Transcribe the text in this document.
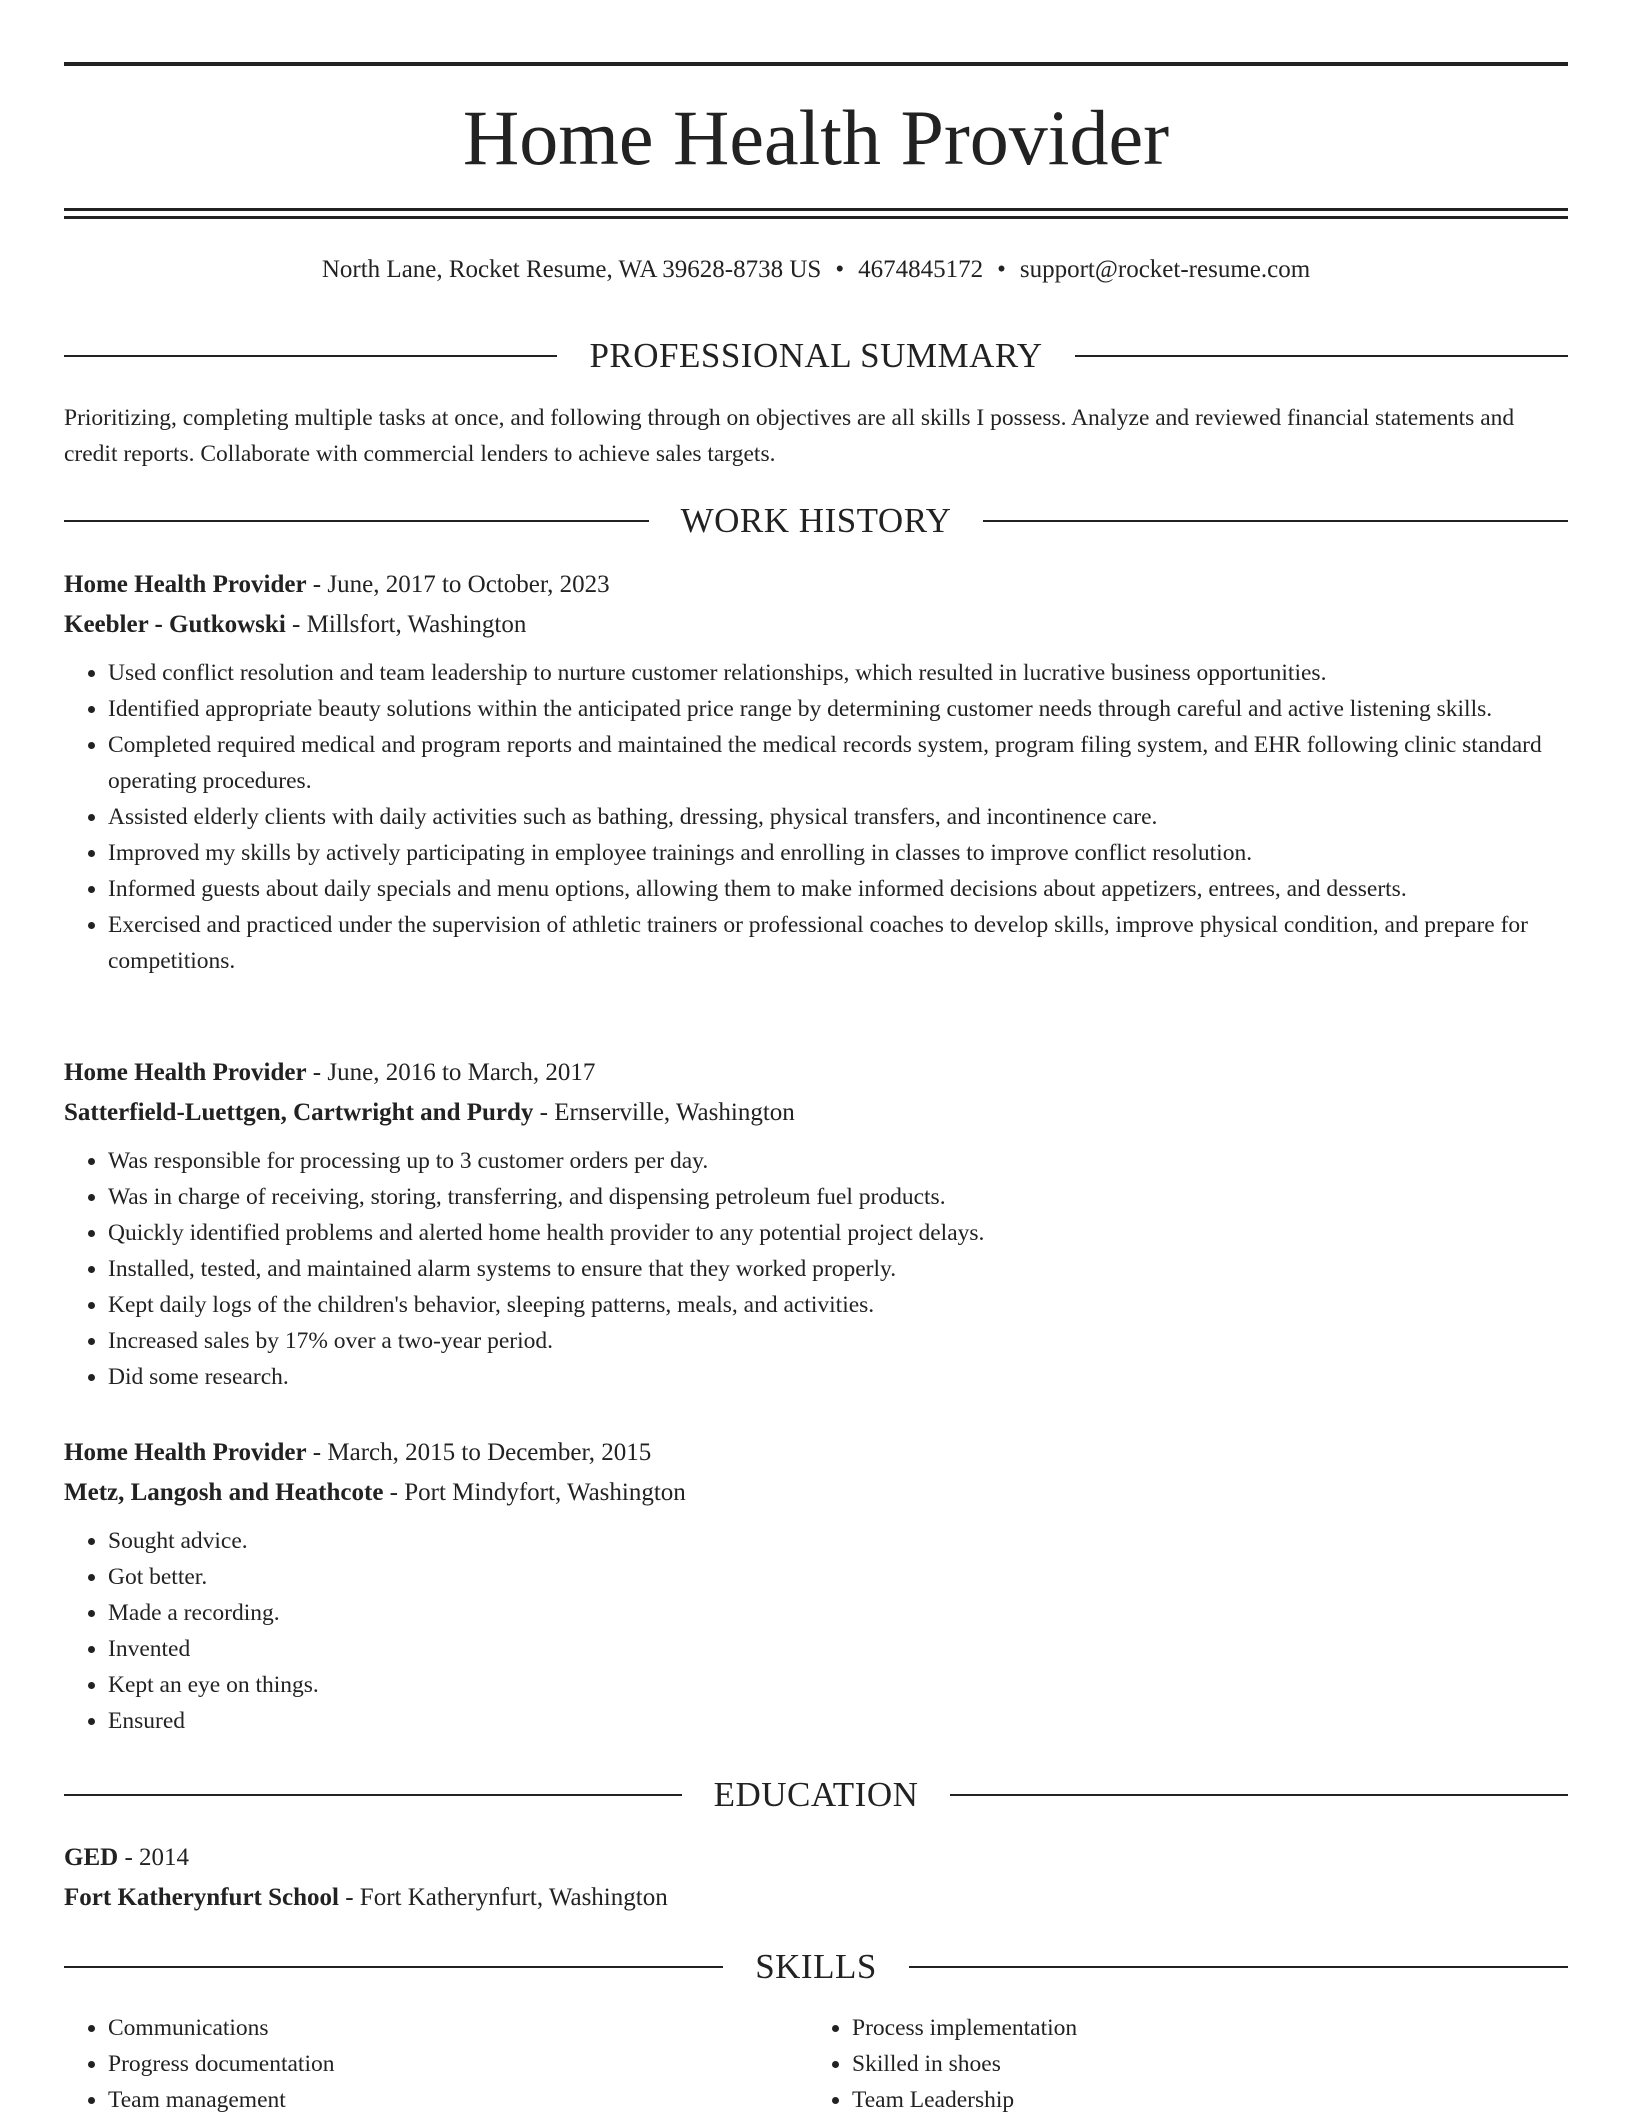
Home Health Provider
North Lane, Rocket Resume, WA 39628-8738 US • 4674845172 • support@rocket-resume.com
PROFESSIONAL SUMMARY

Prioritizing, completing multiple tasks at once, and following through on objectives are all skills I possess. Analyze and reviewed financial statements and credit reports. Collaborate with commercial lenders to achieve sales targets.

WORK HISTORY

Home Health Provider - June, 2017 to October, 2023

Keebler - Gutkowski - Millsfort, Washington

• Used conflict resolution and team leadership to nurture customer relationships, which resulted in lucrative business opportunities.
• Identified appropriate beauty solutions within the anticipated price range by determining customer needs through careful and active listening skills.
• Completed required medical and program reports and maintained the medical records system, program filing system, and EHR following clinic standard operating procedures.
• Assisted elderly clients with daily activities such as bathing, dressing, physical transfers, and incontinence care.
• Improved my skills by actively participating in employee trainings and enrolling in classes to improve conflict resolution.
• Informed guests about daily specials and menu options, allowing them to make informed decisions about appetizers, entrees, and desserts.
• Exercised and practiced under the supervision of athletic trainers or professional coaches to develop skills, improve physical condition, and prepare for competitions.

Home Health Provider - June, 2016 to March, 2017

Satterfield-Luettgen, Cartwright and Purdy - Ernserville, Washington

• Was responsible for processing up to 3 customer orders per day.
• Was in charge of receiving, storing, transferring, and dispensing petroleum fuel products.
• Quickly identified problems and alerted home health provider to any potential project delays.
• Installed, tested, and maintained alarm systems to ensure that they worked properly.
• Kept daily logs of the children's behavior, sleeping patterns, meals, and activities.
• Increased sales by 17% over a two-year period.
• Did some research.

Home Health Provider - March, 2015 to December, 2015

Metz, Langosh and Heathcote - Port Mindyfort, Washington

• Sought advice.
• Got better.
• Made a recording.
• Invented
• Kept an eye on things.
• Ensured
EDUCATION

GED - 2014

Fort Katherynfurt School - Fort Katherynfurt, Washington

SKILLS
• Communications
• Progress documentation
• Team management
• Process implementation
• Skilled in shoes
• Team Leadership
